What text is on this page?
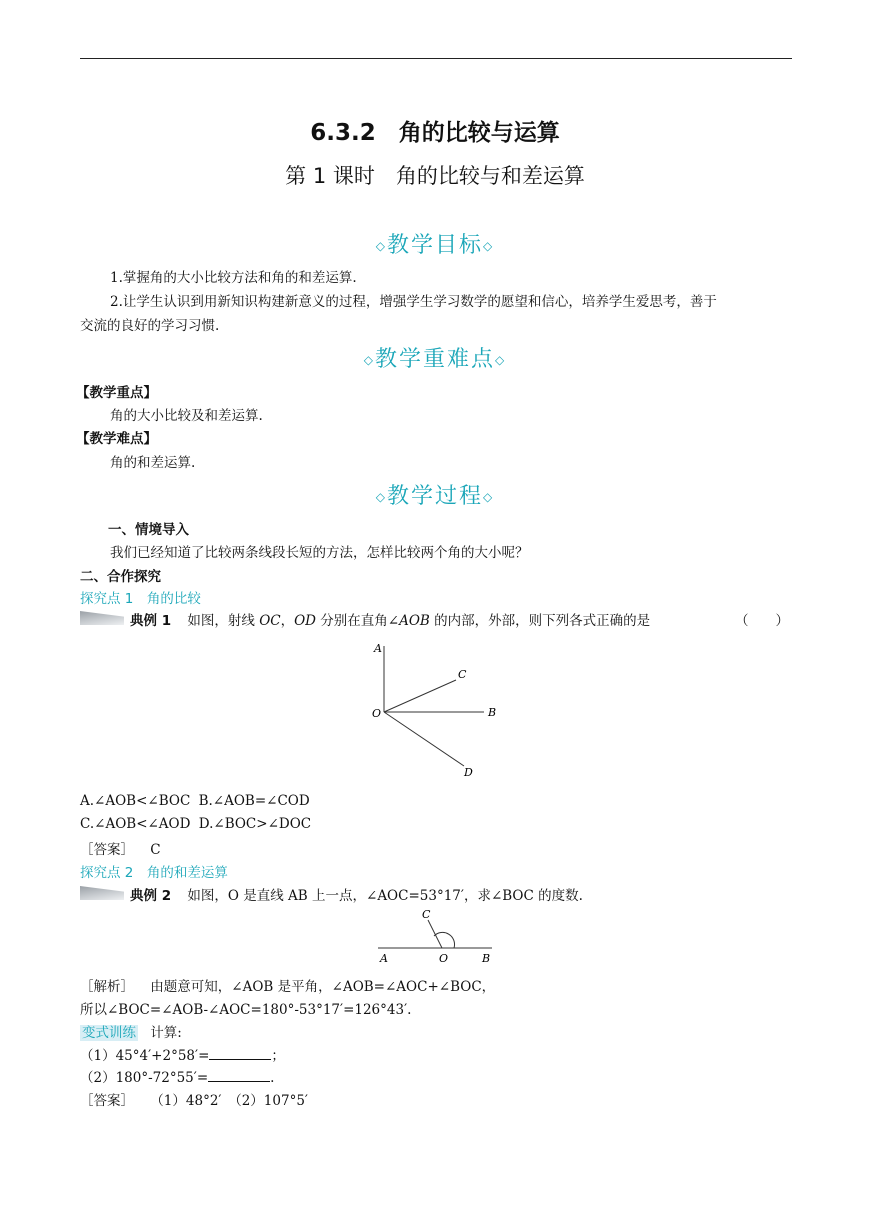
6.3.2　角的比较与运算
第 1 课时　角的比较与和差运算
◇教学目标◇
1.掌握角的大小比较方法和角的和差运算.
2.让学生认识到用新知识构建新意义的过程，增强学生学习数学的愿望和信心，培养学生爱思考，善于
交流的良好的学习习惯.
◇教学重难点◇
【教学重点】
角的大小比较及和差运算.
【教学难点】
角的和差运算.
◇教学过程◇
一、情境导入
我们已经知道了比较两条线段长短的方法，怎样比较两个角的大小呢？
二、合作探究
探究点 1　角的比较
典例 1 如图，射线 OC，OD 分别在直角∠AOB 的内部，外部，则下列各式正确的是	（　　）
A
C
O	B
D
A.∠AOB<∠BOC B.∠AOB=∠COD
C.∠AOB<∠AOD D.∠BOC>∠DOC
［答案］ C
探究点 2　角的和差运算
典例 2 如图，O 是直线 AB 上一点，∠AOC=53°17′，求∠BOC 的度数.
C
A	O	B
［解析］ 由题意可知，∠AOB 是平角，∠AOB=∠AOC+∠BOC，
所以∠BOC=∠AOB-∠AOC=180°-53°17′=126°43′.
变式训练 计算:
（1）45°4′+2°58′=	；
（2）180°-72°55′=	.
［答案］ （1）48°2′　（2）107°5′
